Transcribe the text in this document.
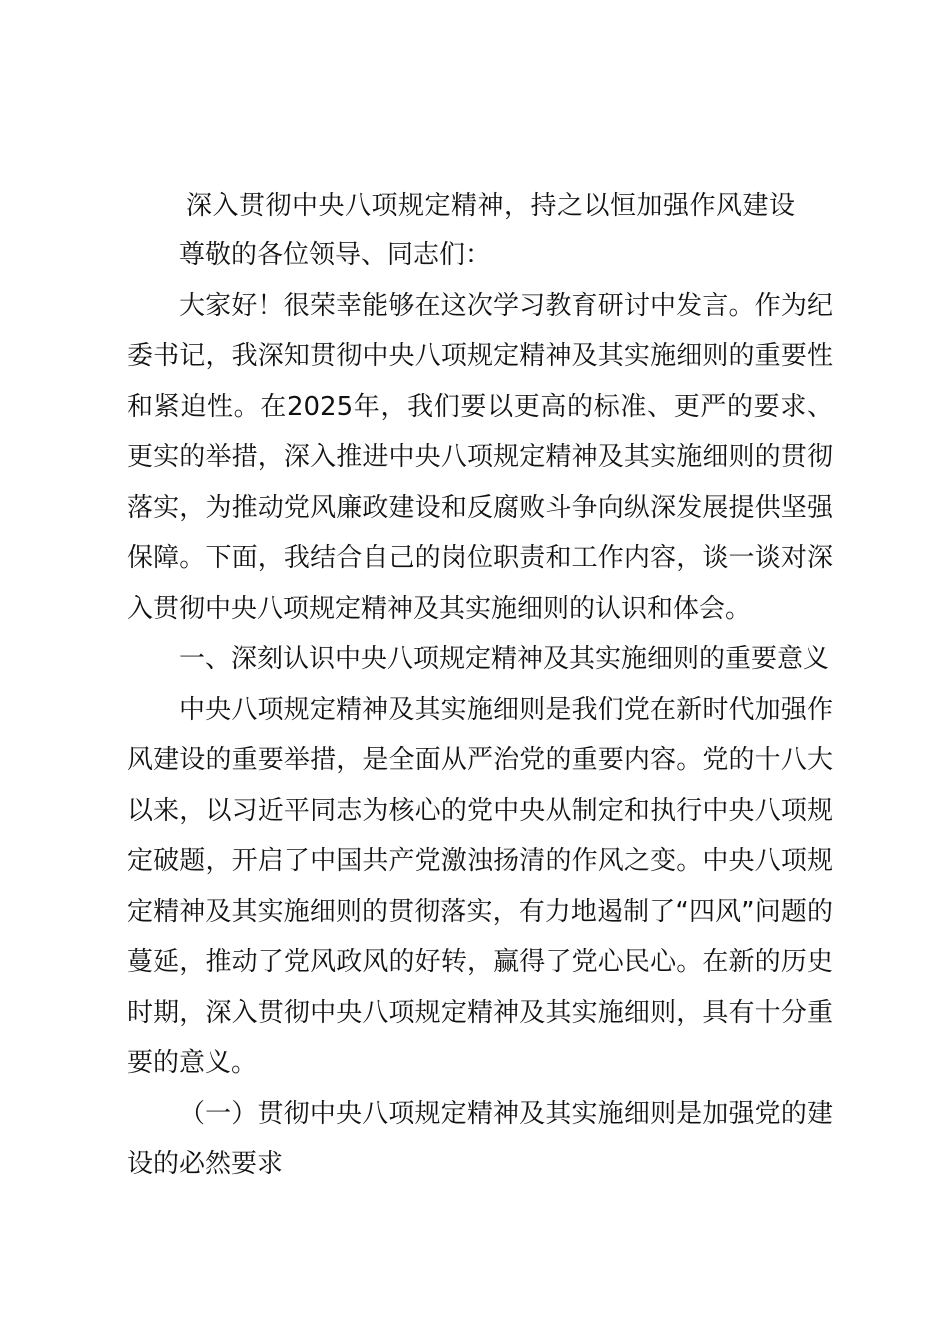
深入贯彻中央八项规定精神，持之以恒加强作风建设

尊敬的各位领导、同志们：

大家好！很荣幸能够在这次学习教育研讨中发言。作为纪委书记，我深知贯彻中央八项规定精神及其实施细则的重要性和紧迫性。在2025年，我们要以更高的标准、更严的要求、更实的举措，深入推进中央八项规定精神及其实施细则的贯彻落实，为推动党风廉政建设和反腐败斗争向纵深发展提供坚强保障。下面，我结合自己的岗位职责和工作内容，谈一谈对深入贯彻中央八项规定精神及其实施细则的认识和体会。

一、深刻认识中央八项规定精神及其实施细则的重要意义

中央八项规定精神及其实施细则是我们党在新时代加强作风建设的重要举措，是全面从严治党的重要内容。党的十八大以来，以习近平同志为核心的党中央从制定和执行中央八项规定破题，开启了中国共产党激浊扬清的作风之变。中央八项规定精神及其实施细则的贯彻落实，有力地遏制了“四风”问题的蔓延，推动了党风政风的好转，赢得了党心民心。在新的历史时期，深入贯彻中央八项规定精神及其实施细则，具有十分重要的意义。

（一）贯彻中央八项规定精神及其实施细则是加强党的建设的必然要求
